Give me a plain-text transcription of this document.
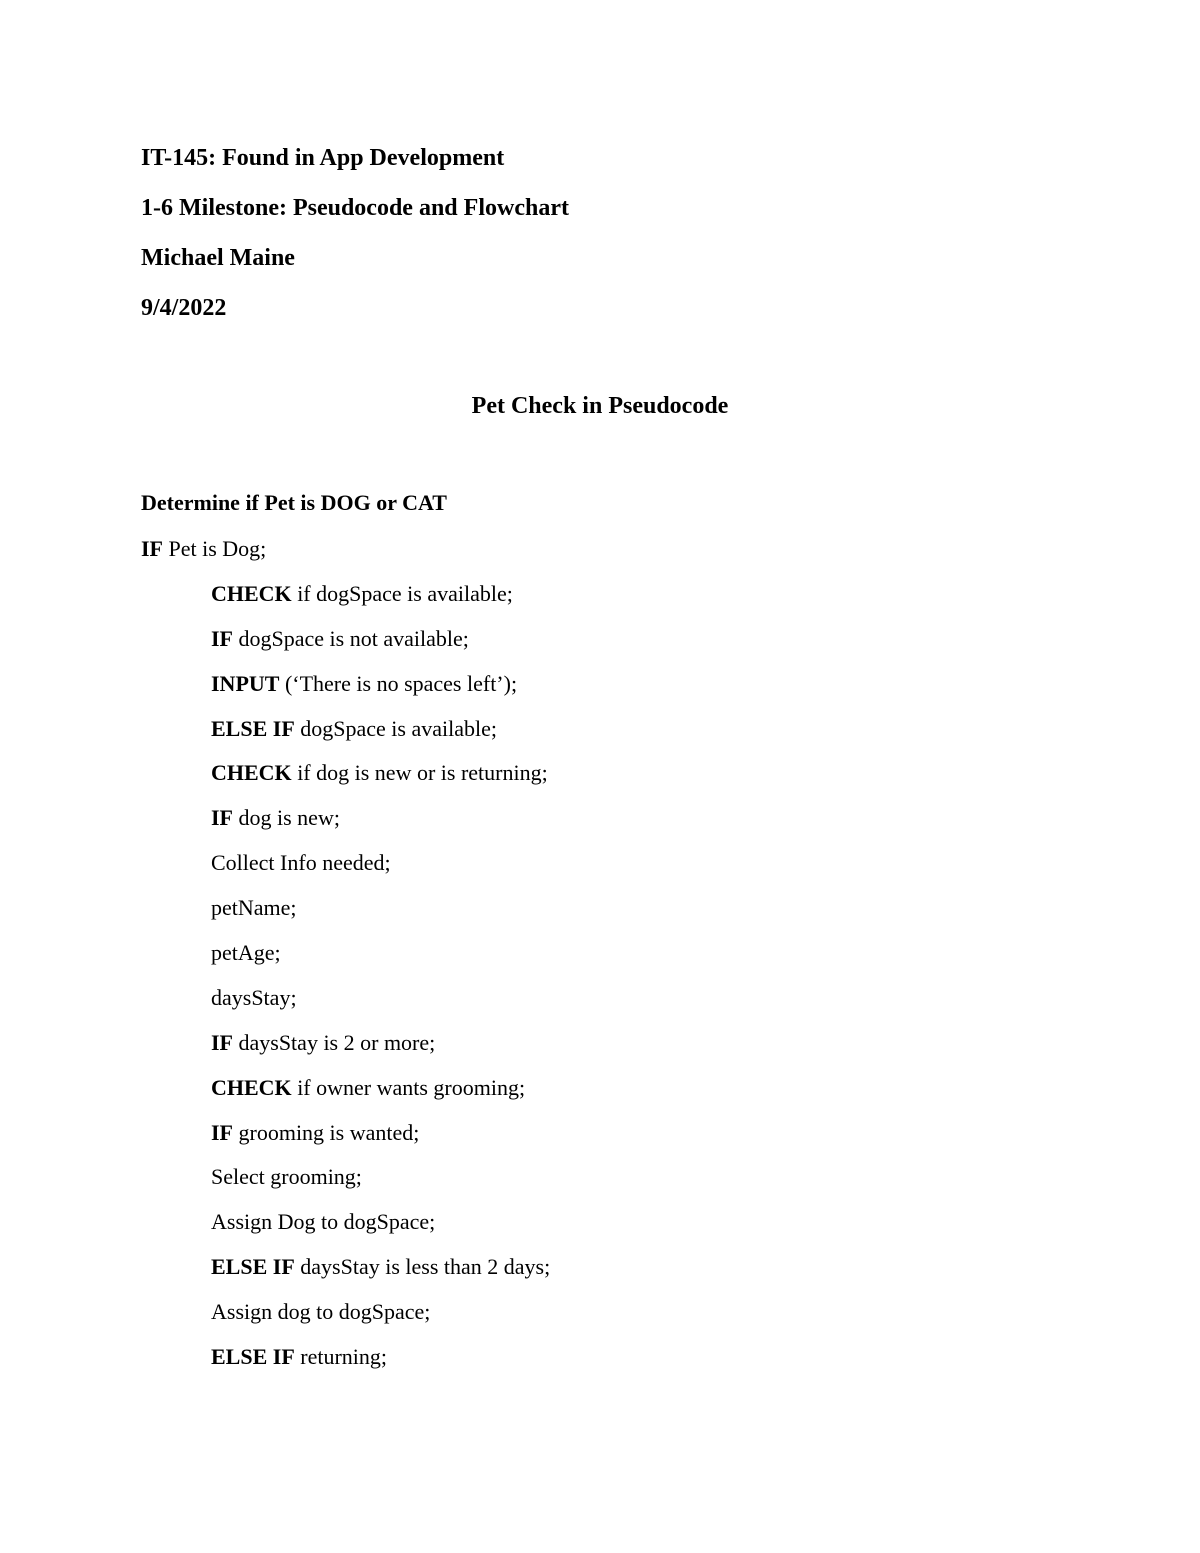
IT-145: Found in App Development
1-6 Milestone: Pseudocode and Flowchart
Michael Maine
9/4/2022
Pet Check in Pseudocode
Determine if Pet is DOG or CAT
IF Pet is Dog;
CHECK if dogSpace is available;
IF dogSpace is not available;
INPUT (‘There is no spaces left’);
ELSE IF dogSpace is available;
CHECK if dog is new or is returning;
IF dog is new;
Collect Info needed;
petName;
petAge;
daysStay;
IF daysStay is 2 or more;
CHECK if owner wants grooming;
IF grooming is wanted;
Select grooming;
Assign Dog to dogSpace;
ELSE IF daysStay is less than 2 days;
Assign dog to dogSpace;
ELSE IF returning;
